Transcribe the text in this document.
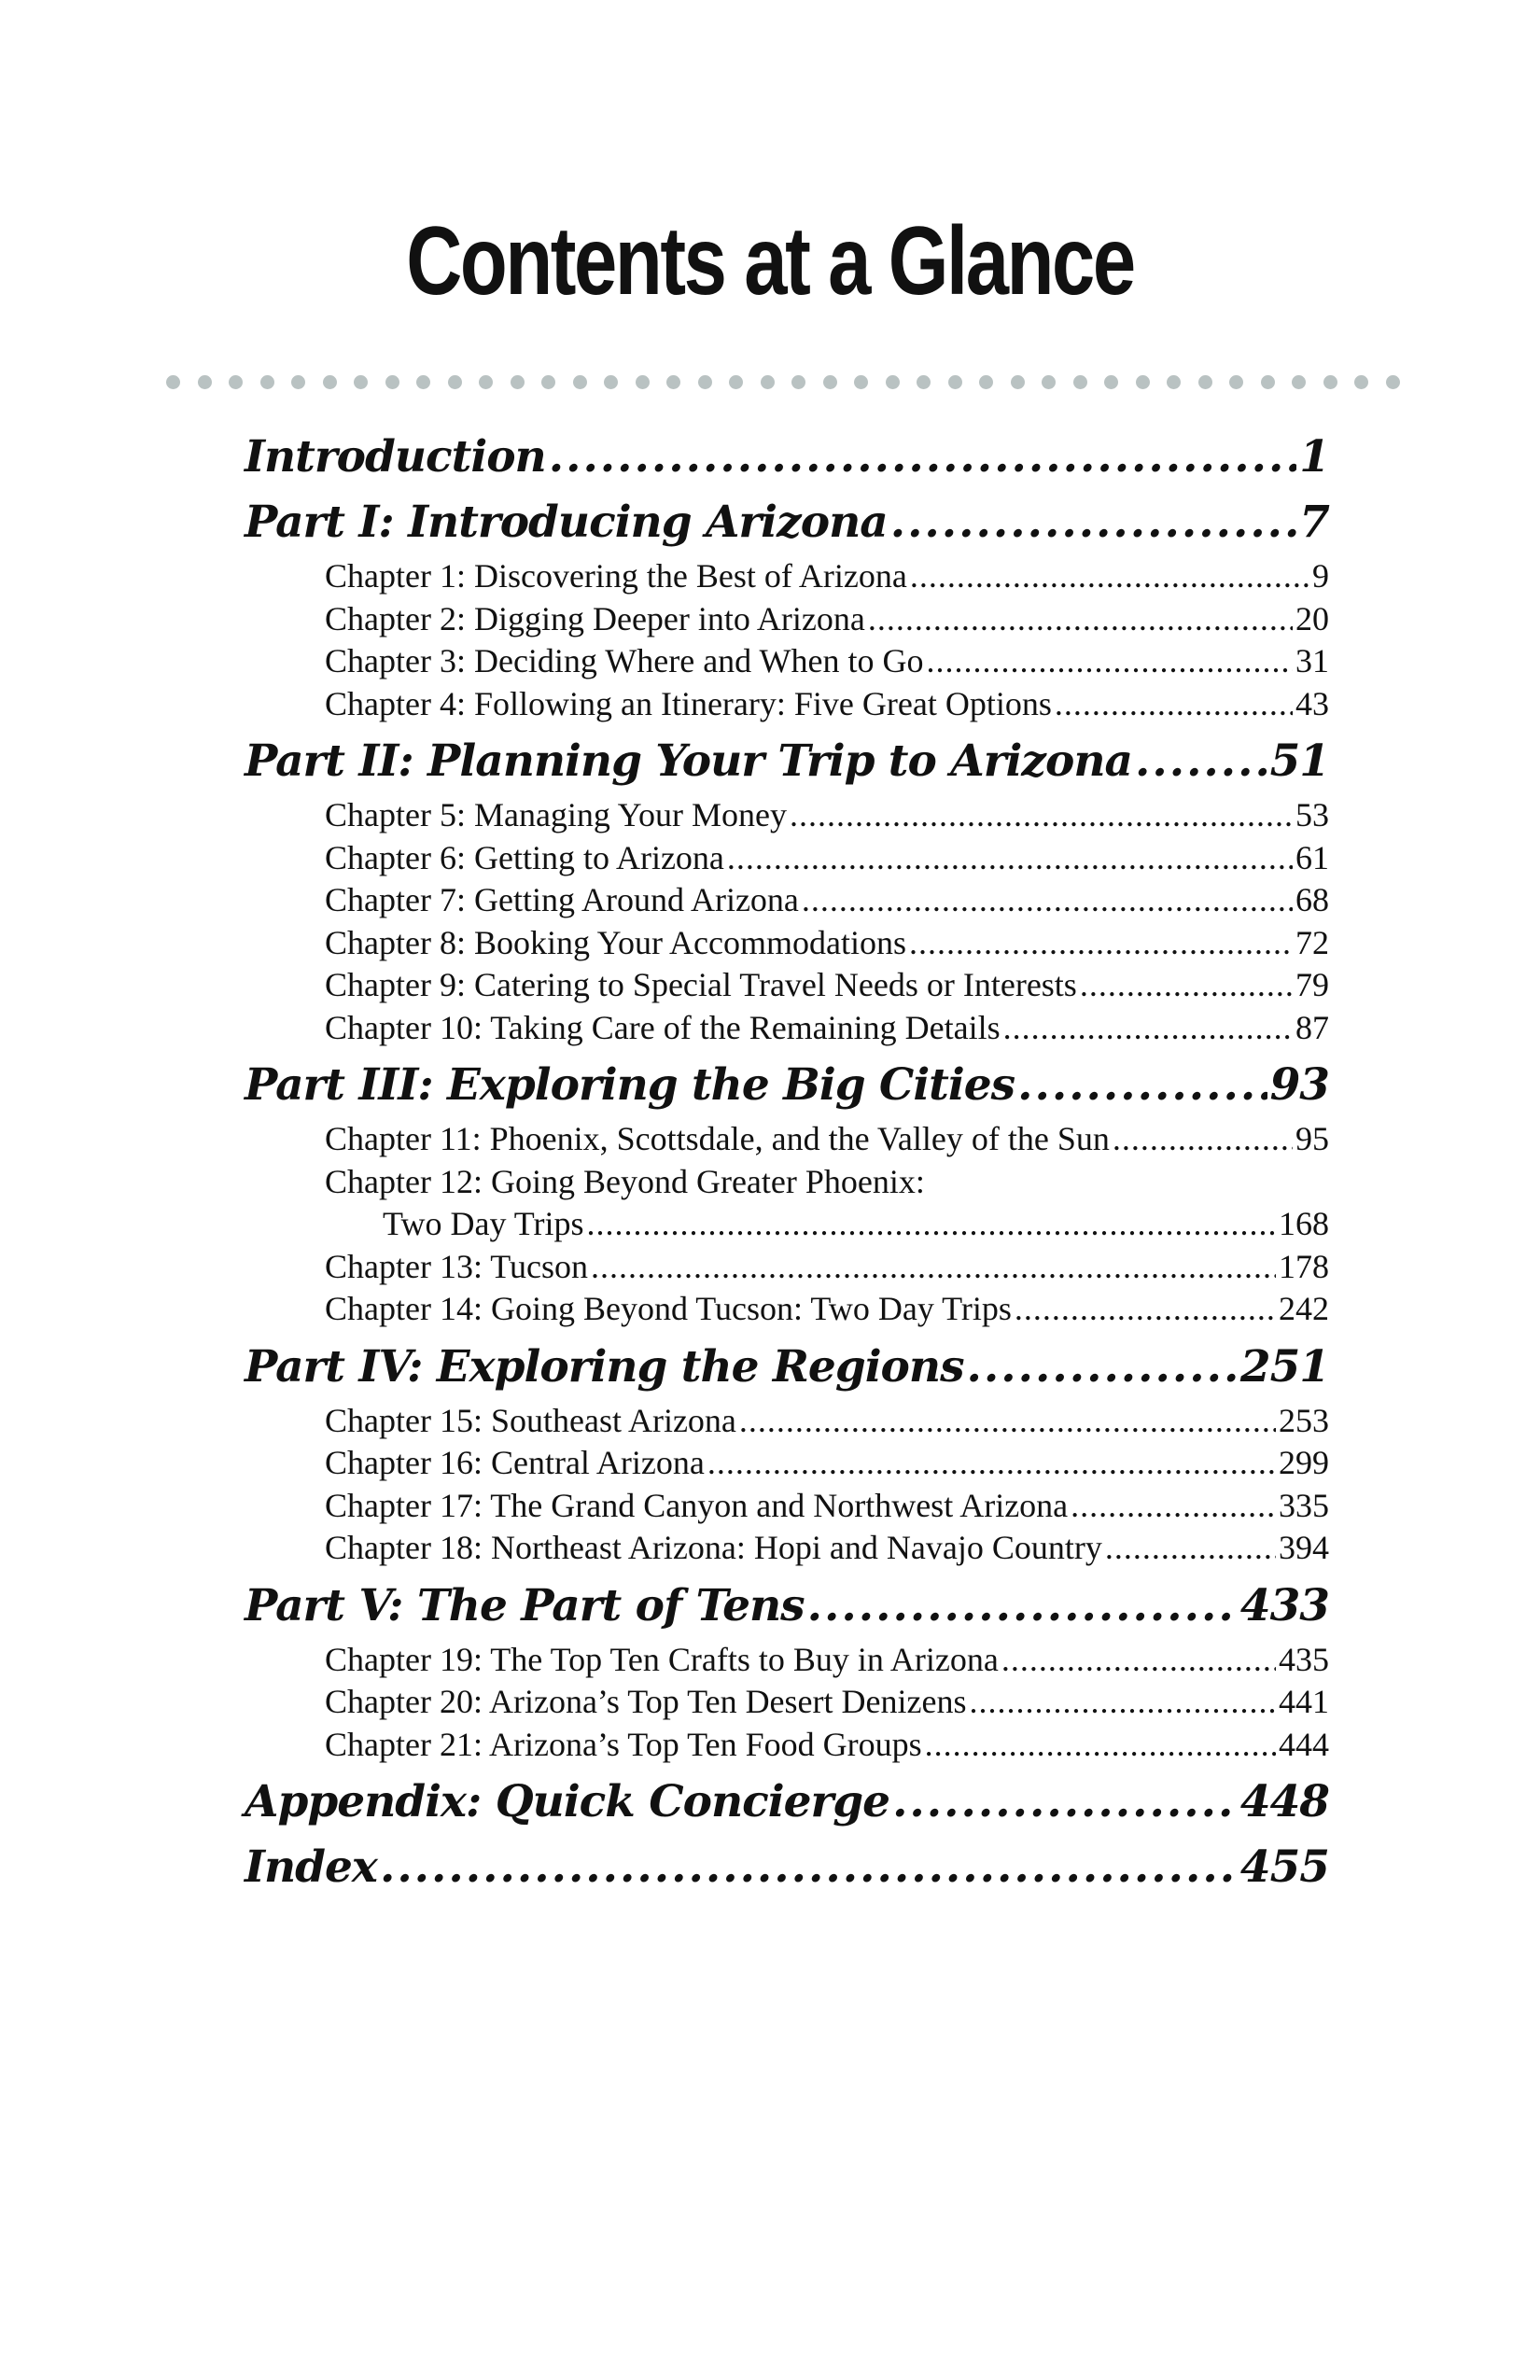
Contents at a Glance
Introduction .....	1
Part I: Introducing Arizona .....	7
Chapter 1: Discovering the Best of Arizona .....	9
Chapter 2: Digging Deeper into Arizona .....	20
Chapter 3: Deciding Where and When to Go .....	31
Chapter 4: Following an Itinerary: Five Great Options .....	43
Part II: Planning Your Trip to Arizona .....	51
Chapter 5: Managing Your Money .....	53
Chapter 6: Getting to Arizona .....	61
Chapter 7: Getting Around Arizona .....	68
Chapter 8: Booking Your Accommodations .....	72
Chapter 9: Catering to Special Travel Needs or Interests .....	79
Chapter 10: Taking Care of the Remaining Details .....	87
Part III: Exploring the Big Cities .....	93
Chapter 11: Phoenix, Scottsdale, and the Valley of the Sun .....	95
Chapter 12: Going Beyond Greater Phoenix:
Two Day Trips .....	168
Chapter 13: Tucson .....	178
Chapter 14: Going Beyond Tucson: Two Day Trips .....	242
Part IV: Exploring the Regions .....	251
Chapter 15: Southeast Arizona .....	253
Chapter 16: Central Arizona .....	299
Chapter 17: The Grand Canyon and Northwest Arizona .....	335
Chapter 18: Northeast Arizona: Hopi and Navajo Country .....	394
Part V: The Part of Tens .....	433
Chapter 19: The Top Ten Crafts to Buy in Arizona .....	435
Chapter 20: Arizona’s Top Ten Desert Denizens .....	441
Chapter 21: Arizona’s Top Ten Food Groups .....	444
Appendix: Quick Concierge .....	448
Index .....	455
